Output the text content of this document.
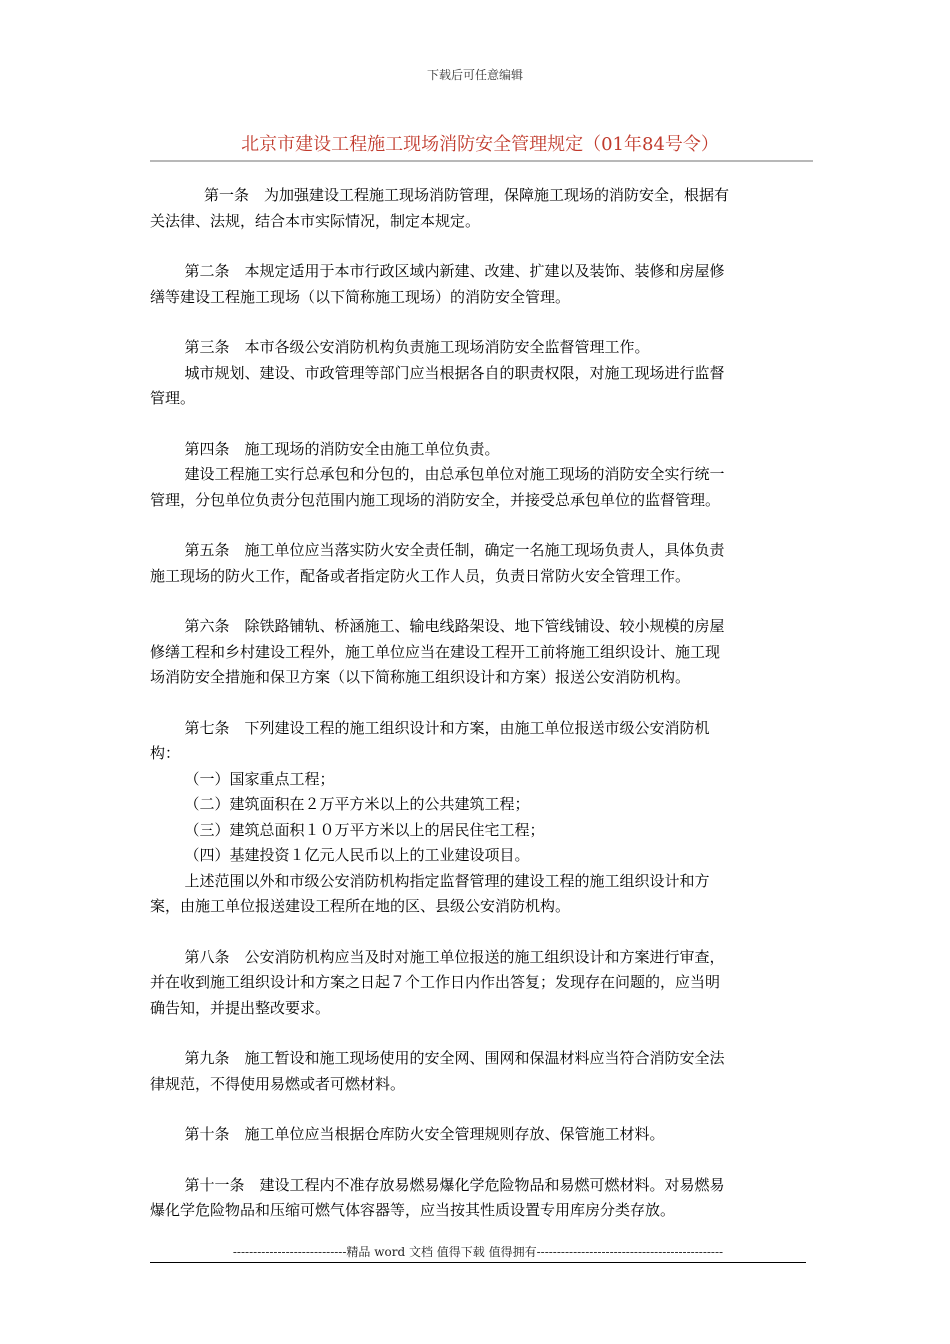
下载后可任意编辑
北京市建设工程施工现场消防安全管理规定（01年84号令）
第一条　为加强建设工程施工现场消防管理，保障施工现场的消防安全，根据有
关法律、法规，结合本市实际情况，制定本规定。
第二条　本规定适用于本市行政区域内新建、改建、扩建以及装饰、装修和房屋修
缮等建设工程施工现场（以下简称施工现场）的消防安全管理。
第三条　本市各级公安消防机构负责施工现场消防安全监督管理工作。
城市规划、建设、市政管理等部门应当根据各自的职责权限，对施工现场进行监督
管理。
第四条　施工现场的消防安全由施工单位负责。
建设工程施工实行总承包和分包的，由总承包单位对施工现场的消防安全实行统一
管理，分包单位负责分包范围内施工现场的消防安全，并接受总承包单位的监督管理。
第五条　施工单位应当落实防火安全责任制，确定一名施工现场负责人，具体负责
施工现场的防火工作，配备或者指定防火工作人员，负责日常防火安全管理工作。
第六条　除铁路铺轨、桥涵施工、输电线路架设、地下管线铺设、较小规模的房屋
修缮工程和乡村建设工程外，施工单位应当在建设工程开工前将施工组织设计、施工现
场消防安全措施和保卫方案（以下简称施工组织设计和方案）报送公安消防机构。
第七条　下列建设工程的施工组织设计和方案，由施工单位报送市级公安消防机
构：
（一）国家重点工程；
（二）建筑面积在２万平方米以上的公共建筑工程；
（三）建筑总面积１０万平方米以上的居民住宅工程；
（四）基建投资１亿元人民币以上的工业建设项目。
上述范围以外和市级公安消防机构指定监督管理的建设工程的施工组织设计和方
案，由施工单位报送建设工程所在地的区、县级公安消防机构。
第八条　公安消防机构应当及时对施工单位报送的施工组织设计和方案进行审查，
并在收到施工组织设计和方案之日起７个工作日内作出答复；发现存在问题的，应当明
确告知，并提出整改要求。
第九条　施工暂设和施工现场使用的安全网、围网和保温材料应当符合消防安全法
律规范，不得使用易燃或者可燃材料。
第十条　施工单位应当根据仓库防火安全管理规则存放、保管施工材料。
第十一条　建设工程内不准存放易燃易爆化学危险物品和易燃可燃材料。对易燃易
爆化学危险物品和压缩可燃气体容器等，应当按其性质设置专用库房分类存放。
----------------------------精品 word 文档 值得下载 值得拥有----------------------------------------------
